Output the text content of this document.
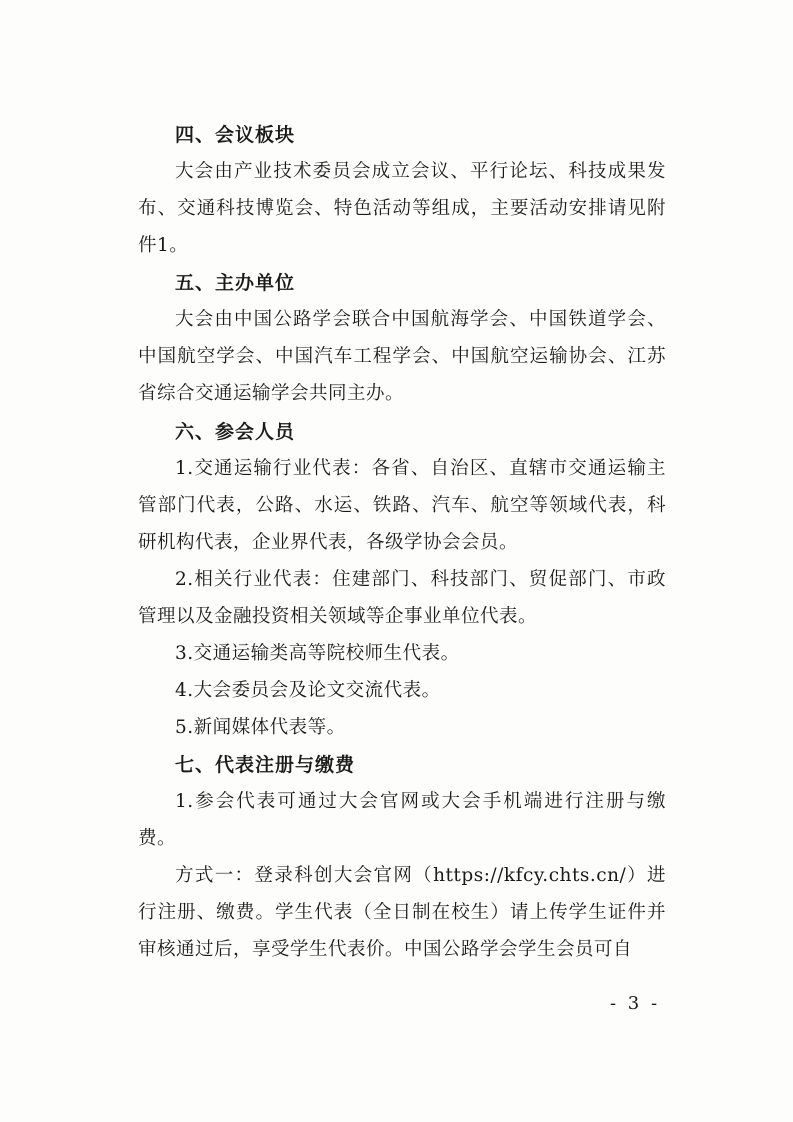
四、会议板块

大会由产业技术委员会成立会议、平行论坛、科技成果发布、交通科技博览会、特色活动等组成，主要活动安排请见附件1。

五、主办单位

大会由中国公路学会联合中国航海学会、中国铁道学会、中国航空学会、中国汽车工程学会、中国航空运输协会、江苏省综合交通运输学会共同主办。

六、参会人员

1.交通运输行业代表：各省、自治区、直辖市交通运输主管部门代表，公路、水运、铁路、汽车、航空等领域代表，科研机构代表，企业界代表，各级学协会会员。

2.相关行业代表：住建部门、科技部门、贸促部门、市政管理以及金融投资相关领域等企事业单位代表。

3.交通运输类高等院校师生代表。

4.大会委员会及论文交流代表。

5.新闻媒体代表等。

七、代表注册与缴费

1.参会代表可通过大会官网或大会手机端进行注册与缴费。

方式一：登录科创大会官网（https://kfcy.chts.cn/）进行注册、缴费。学生代表（全日制在校生）请上传学生证件并审核通过后，享受学生代表价。中国公路学会学生会员可自

- 3 -
